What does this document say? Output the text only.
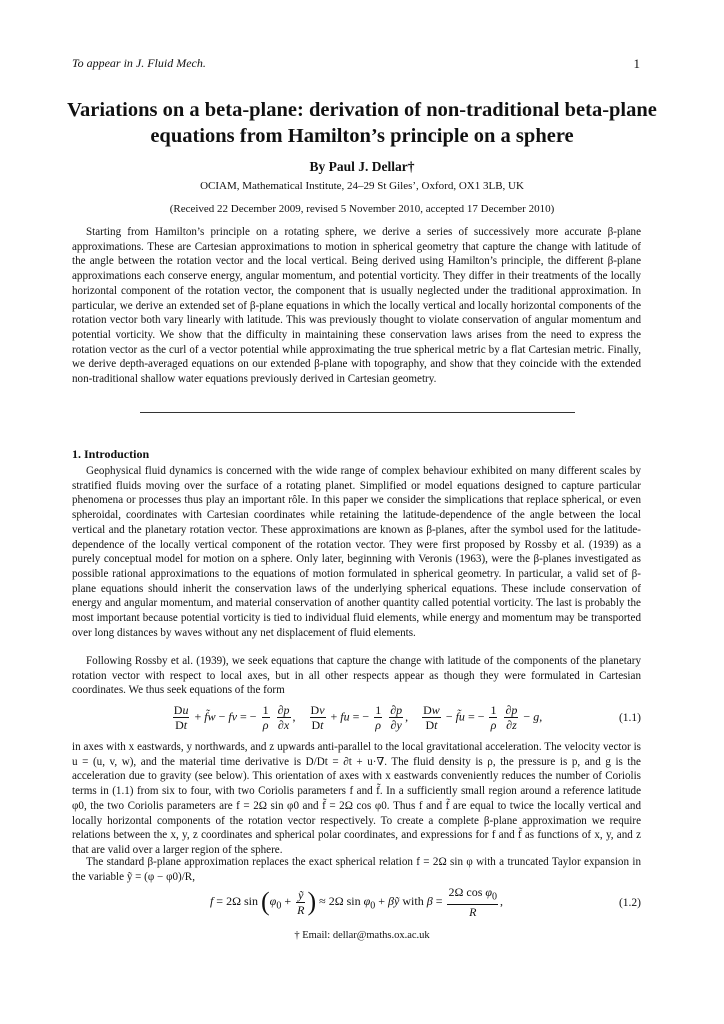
To appear in J. Fluid Mech.	1
Variations on a beta-plane: derivation of non-traditional beta-plane equations from Hamilton’s principle on a sphere
By Paul J. Dellar†
OCIAM, Mathematical Institute, 24–29 St Giles’, Oxford, OX1 3LB, UK
(Received 22 December 2009, revised 5 November 2010, accepted 17 December 2010)
Starting from Hamilton’s principle on a rotating sphere, we derive a series of successively more accurate β-plane approximations. These are Cartesian approximations to motion in spherical geometry that capture the change with latitude of the angle between the rotation vector and the local vertical. Being derived using Hamilton’s principle, the different β-plane approximations each conserve energy, angular momentum, and potential vorticity. They differ in their treatments of the locally horizontal component of the rotation vector, the component that is usually neglected under the traditional approximation. In particular, we derive an extended set of β-plane equations in which the locally vertical and locally horizontal components of the rotation vector both vary linearly with latitude. This was previously thought to violate conservation of angular momentum and potential vorticity. We show that the difficulty in maintaining these conservation laws arises from the need to express the rotation vector as the curl of a vector potential while approximating the true spherical metric by a flat Cartesian metric. Finally, we derive depth-averaged equations on our extended β-plane with topography, and show that they coincide with the extended non-traditional shallow water equations previously derived in Cartesian geometry.
1. Introduction

Geophysical fluid dynamics is concerned with the wide range of complex behaviour exhibited on many different scales by stratified fluids moving over the surface of a rotating planet. Simplified or model equations designed to capture particular phenomena or processes thus play an important rôle. In this paper we consider the simplications that replace spherical, or even spheroidal, coordinates with Cartesian coordinates while retaining the latitude-dependence of the angle between the local vertical and the planetary rotation vector. These approximations are known as β-planes, after the symbol used for the latitude-dependence of the locally vertical component of the rotation vector. They were first proposed by Rossby et al. (1939) as a purely conceptual model for motion on a sphere. Only later, beginning with Veronis (1963), were the β-planes investigated as possible rational approximations to the equations of motion formulated in spherical geometry. In particular, a valid set of β-plane equations should inherit the conservation laws of the underlying spherical equations. These include conservation of energy and angular momentum, and material conservation of another quantity called potential vorticity. The last is probably the most important because potential vorticity is tied to individual fluid elements, while energy and momentum may be transported over long distances by waves without any net displacement of fluid elements.

Following Rossby et al. (1939), we seek equations that capture the change with latitude of the components of the planetary rotation vector with respect to local axes, but in all other respects appear as though they were formulated in Cartesian coordinates. We thus seek equations of the form

$\frac{Du}{Dt}$ + f̃w − fv = − $\frac{1}{\rho}$
$\frac{\partial p}{\partial x}$ , $\frac{Dv}{Dt}$ + fu = − $\frac{1}{\rho}$
$\frac{\partial p}{\partial y}$ , $\frac{Dw}{Dt}$ − f̃u = − $\frac{1}{\rho}$
$\frac{\partial p}{\partial z} - g$,	(1.1)

in axes with x eastwards, y northwards, and z upwards anti-parallel to the local gravitational acceleration. The velocity vector is u = (u, v, w), and the material time derivative is D/Dt = ∂t + u·∇. The fluid density is ρ, the pressure is p, and g is the acceleration due to gravity (see below). This orientation of axes with x eastwards conveniently reduces the number of Coriolis terms in (1.1) from six to four, with two Coriolis parameters f and f̃. In a sufficiently small region around a reference latitude φ0, the two Coriolis parameters are f = 2Ω sin φ0 and f̃ = 2Ω cos φ0. Thus f and f̃ are equal to twice the locally vertical and locally horizontal components of the rotation vector respectively. To create a complete β-plane approximation we require relations between the x, y, z coordinates and spherical polar coordinates, and expressions for f and f̃ as functions of x, y, and z that are valid over a larger region of the sphere.

The standard β-plane approximation replaces the exact spherical relation f = 2Ω sin φ with a truncated Taylor expansion in the variable ỹ = (φ − φ0)/R,

f = 2Ω $\sin (\varphi_0 + \frac{\text{ỹ}}{R}$ ) ≈ 2Ω $\sin \varphi_0$ + βỹ with $\beta = \frac{2\Omega \cos \varphi_0}{R}$ ,	(1.2)
† Email: dellar@maths.ox.ac.uk
